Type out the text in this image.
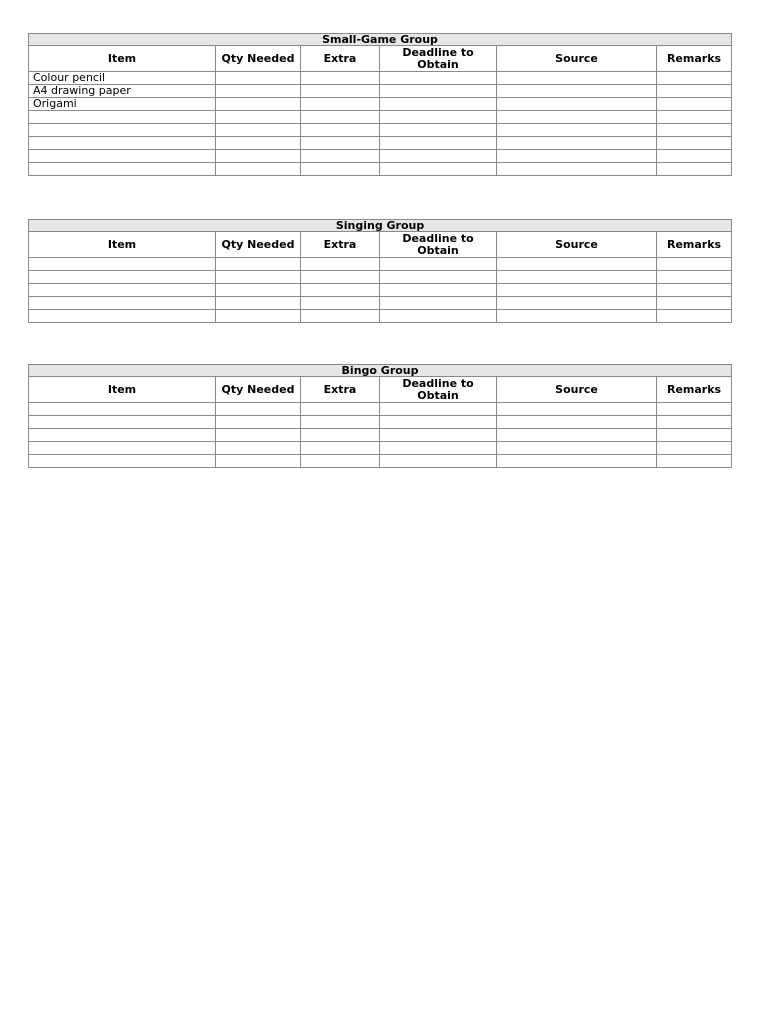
Small-Game Group					
Item	Qty Needed	Extra	Deadline to Obtain	Source	Remarks
Colour pencil					
A4 drawing paper					
Origami					

Singing Group					
Item	Qty Needed	Extra	Deadline to Obtain	Source	Remarks

Bingo Group					
Item	Qty Needed	Extra	Deadline to Obtain	Source	Remarks
